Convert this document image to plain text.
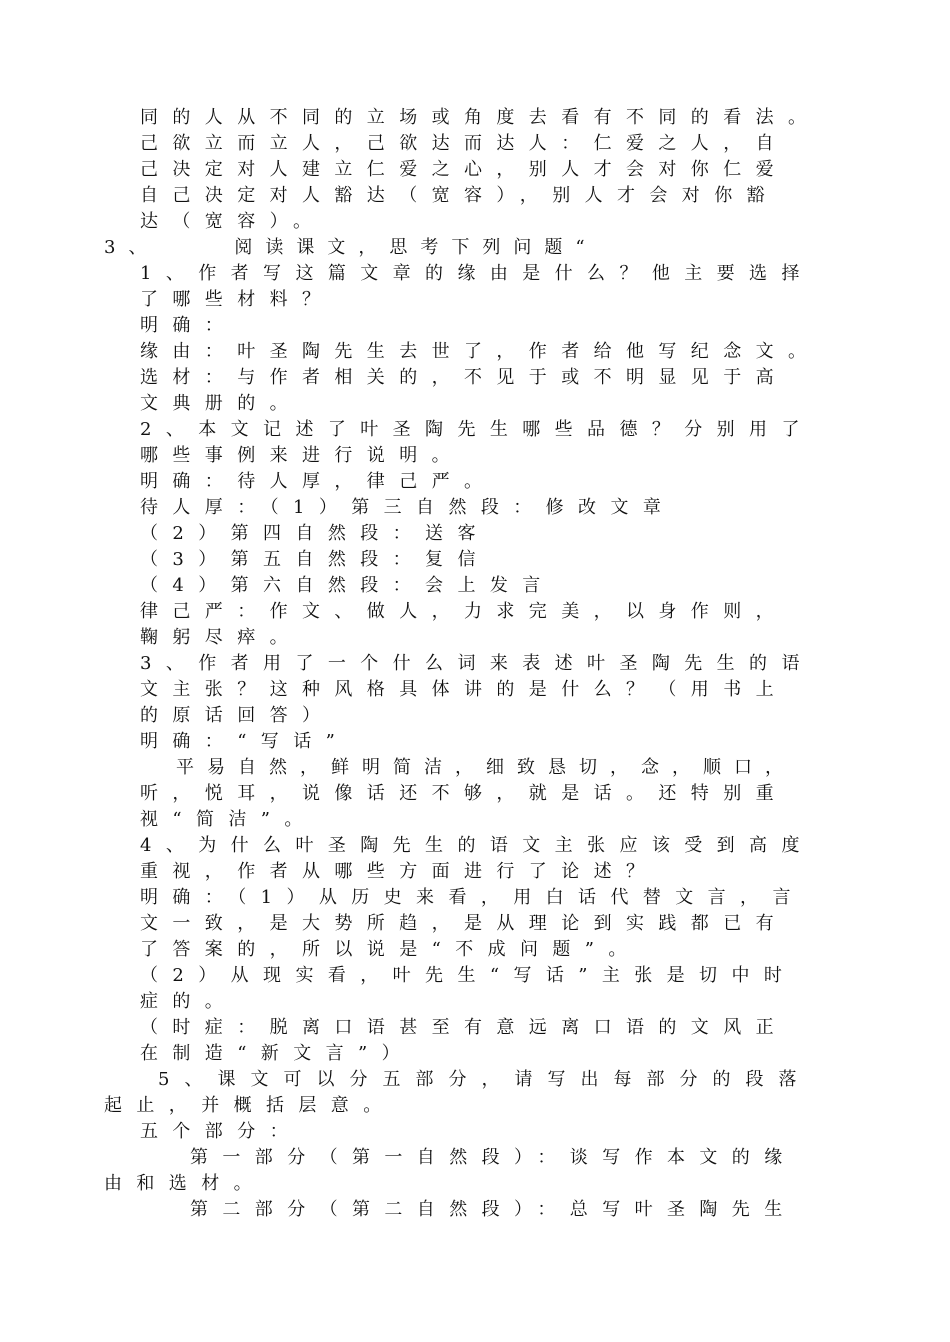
同的人从不同的立场或角度去看有不同的看法。
己欲立而立人，己欲达而达人：仁爱之人，自
己决定对人建立仁爱之心，别人才会对你仁爱
自己决定对人豁达（宽容），别人才会对你豁
达（宽容）。
3、    阅读课文，思考下列问题“
1、作者写这篇文章的缘由是什么？他主要选择
了哪些材料？
明确：
缘由：叶圣陶先生去世了，作者给他写纪念文。
选材：与作者相关的，不见于或不明显见于高
文典册的。
2、本文记述了叶圣陶先生哪些品德？分别用了
哪些事例来进行说明。
明确：待人厚，律己严。
待人厚：（1）第三自然段：修改文章
（2）第四自然段：送客
（3）第五自然段：复信
（4）第六自然段：会上发言
律己严：作文、做人，力求完美，以身作则，
鞠躬尽瘁。
3、作者用了一个什么词来表述叶圣陶先生的语
文主张？这种风格具体讲的是什么？（用书上
的原话回答）
明确：“写话”
平易自然，鲜明简洁，细致恳切，念，顺口，
听，悦耳，说像话还不够，就是话。还特别重
视“简洁”。
4、为什么叶圣陶先生的语文主张应该受到高度
重视，作者从哪些方面进行了论述？
明确：（1）从历史来看，用白话代替文言，言
文一致，是大势所趋，是从理论到实践都已有
了答案的，所以说是“不成问题”。
（2）从现实看，叶先生“写话”主张是切中时
症的。
（时症：脱离口语甚至有意远离口语的文风正
在制造“新文言”）
5、课文可以分五部分，请写出每部分的段落
起止，并概括层意。
五个部分：
第一部分（第一自然段）：谈写作本文的缘
由和选材。
第二部分（第二自然段）：总写叶圣陶先生
